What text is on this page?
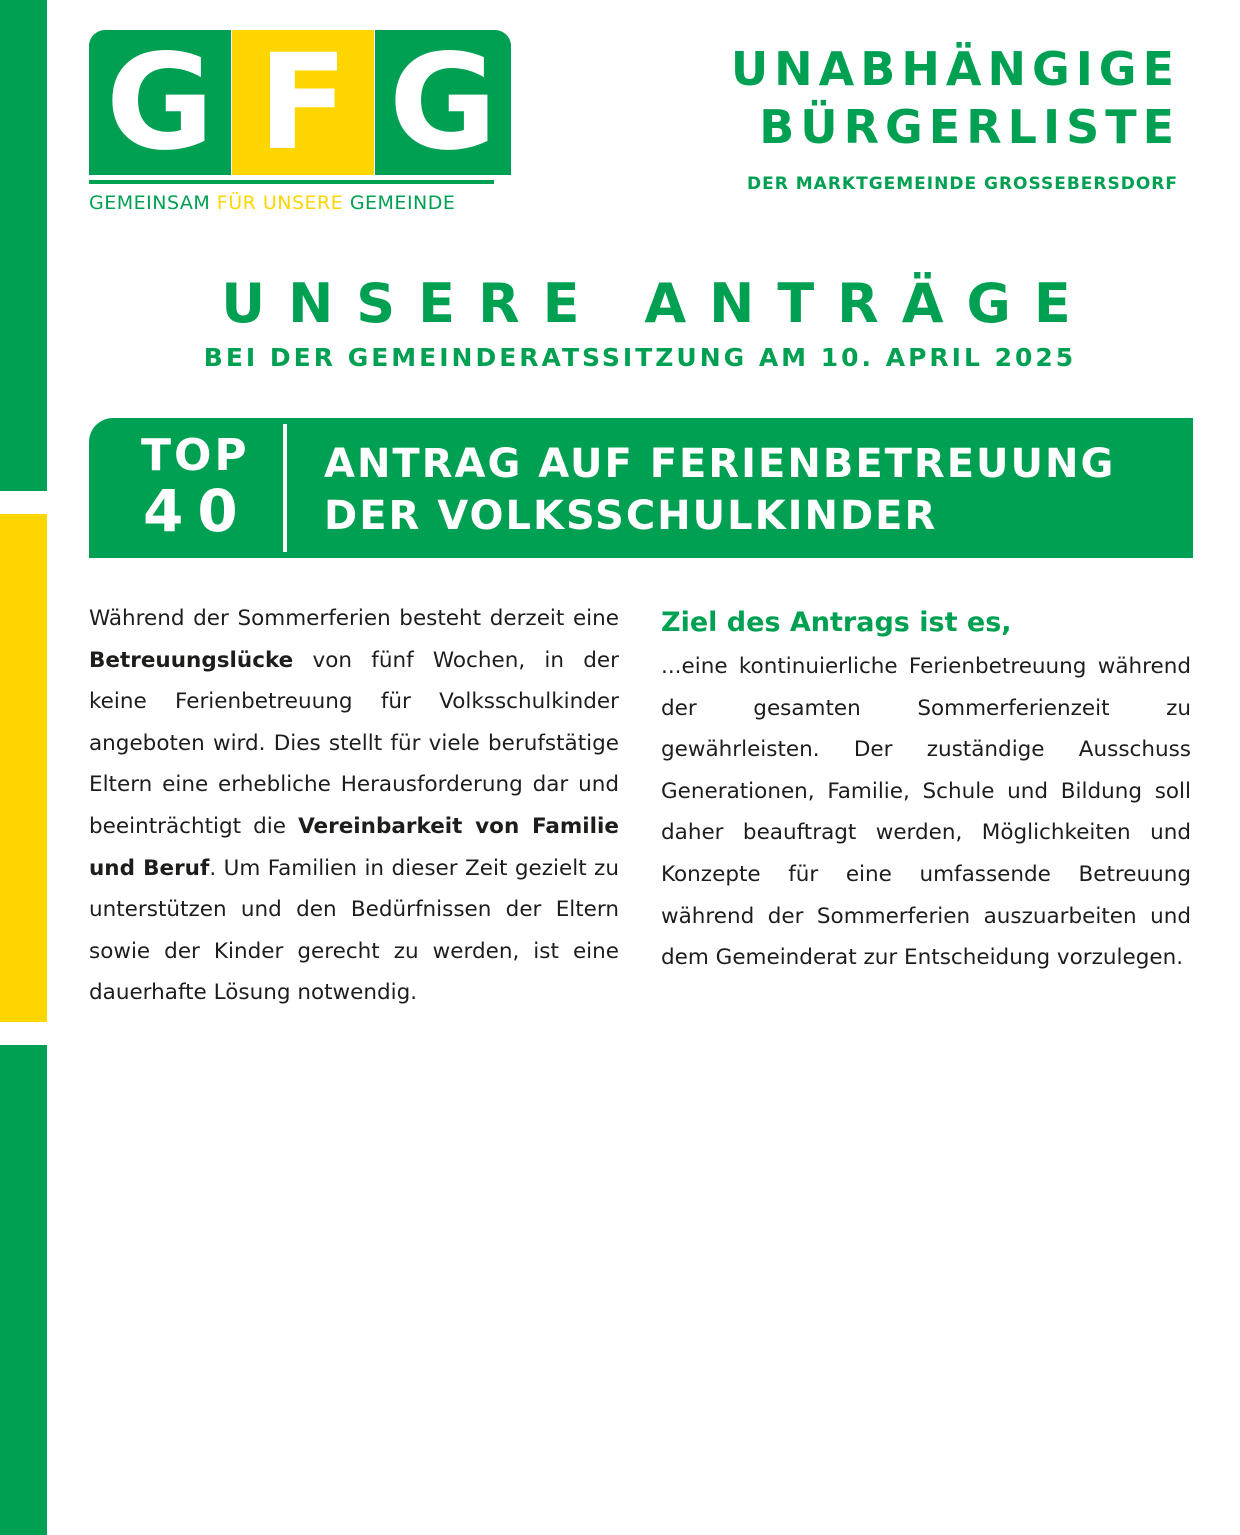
G F G
GEMEINSAM FÜR UNSERE GEMEINDE
UNABHÄNGIGE
BÜRGERLISTE
DER MARKTGEMEINDE GROSSEBERSDORF
UNSERE ANTRÄGE
BEI DER GEMEINDERATSSITZUNG AM 10. APRIL 2025
TOP
40
ANTRAG AUF FERIENBETREUUNG
DER VOLKSSCHULKINDER

Während der Sommerferien besteht derzeit eine Betreuungslücke von fünf Wochen, in der keine Ferienbetreuung für Volksschulkinder angeboten wird. Dies stellt für viele berufstätige Eltern eine erhebliche Herausforderung dar und beeinträchtigt die Vereinbarkeit von Familie und Beruf. Um Familien in dieser Zeit gezielt zu unterstützen und den Bedürfnissen der Eltern sowie der Kinder gerecht zu werden, ist eine dauerhafte Lösung notwendig.

Ziel des Antrags ist es,

...eine kontinuierliche Ferienbetreuung während der gesamten Sommerferienzeit zu gewährleisten. Der zuständige Ausschuss Generationen, Familie, Schule und Bildung soll daher beauftragt werden, Möglichkeiten und Konzepte für eine umfassende Betreuung während der Sommerferien auszuarbeiten und dem Gemeinderat zur Entscheidung vorzulegen.
